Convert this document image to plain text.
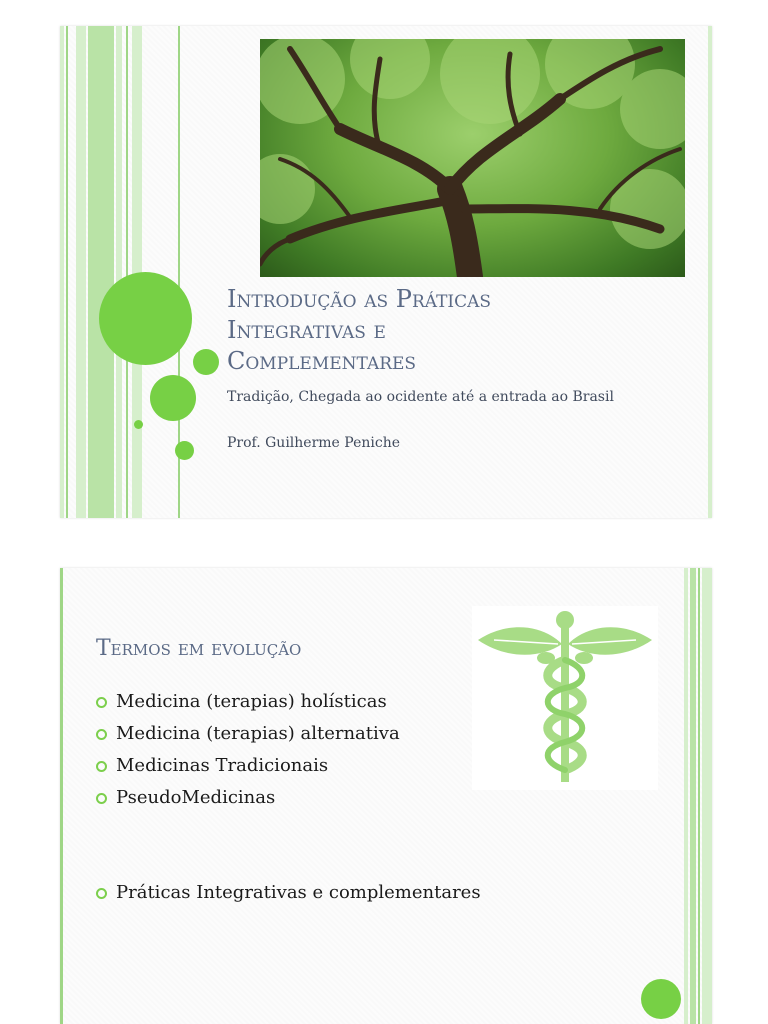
Introdução as Práticas
Integrativas e
Complementares
Tradição, Chegada ao ocidente até a entrada ao Brasil
Prof. Guilherme Peniche
Termos em evolução
Medicina (terapias) holísticas
Medicina (terapias) alternativa
Medicinas Tradicionais
PseudoMedicinas
Práticas Integrativas e complementares
